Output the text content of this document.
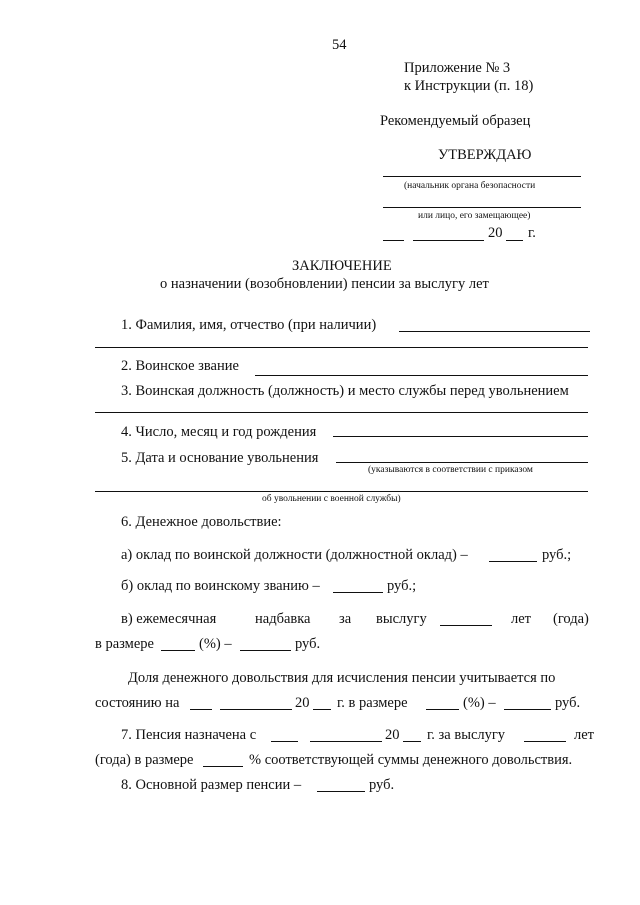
54
Приложение № 3
к Инструкции (п. 18)
Рекомендуемый образец
УТВЕРЖДАЮ
(начальник органа безопасности
или лицо, его замещающее)
20 г.
ЗАКЛЮЧЕНИЕ
о назначении (возобновлении) пенсии за выслугу лет
1. Фамилия, имя, отчество (при наличии)
2. Воинское звание
3. Воинская должность (должность) и место службы перед увольнением
4. Число, месяц и год рождения
5. Дата и основание увольнения
(указываются в соответствии с приказом
об увольнении с военной службы)
6. Денежное довольствие:
а) оклад по воинской должности (должностной оклад) –	руб.;
б) оклад по воинскому званию –	руб.;
в) ежемесячная	надбавка за выслугу	лет (года)
в размере	(%) –	руб.
Доля денежного довольствия для исчисления пенсии учитывается по
состоянию на	20 г. в размере	(%) –	руб.
7. Пенсия назначена с	20 г. за выслугу	лет
(года) в размере	% соответствующей суммы денежного довольствия.
8. Основной размер пенсии –	руб.
